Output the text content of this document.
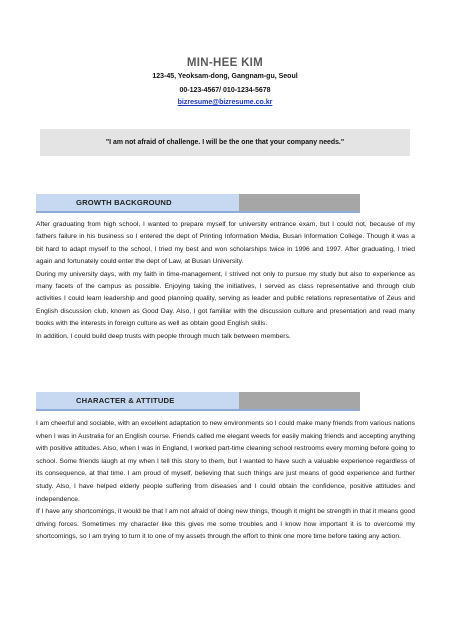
MIN-HEE KIM
123-45, Yeoksam-dong, Gangnam-gu, Seoul
00-123-4567/ 010-1234-5678
bizresume@bizresume.co.kr
"I am not afraid of challenge. I will be the one that your company needs."
GROWTH BACKGROUND

After graduating from high school, I wanted to prepare myself for university entrance exam, but I could not, because of my fathers failure in his business so I entered the dept of Printing Information Media, Busan Information College. Though it was a bit hard to adapt myself to the school, I tried my best and won scholarships twice in 1996 and 1997. After graduating, I tried again and fortunately could enter the dept of Law, at Busan University.

During my university days, with my faith in time-management, I strived not only to pursue my study but also to experience as many facets of the campus as possible. Enjoying taking the initiatives, I served as class representative and through club activities I could learn leadership and good planning quality, serving as leader and public relations representative of Zeus and English discussion club, known as Good Day. Also, I got familiar with the discussion culture and presentation and read many books with the interests in foreign culture as well as obtain good English skills.

In addition, I could build deep trusts with people through much talk between members.

CHARACTER & ATTITUDE

I am cheerful and sociable, with an excellent adaptation to new environments so I could make many friends from various nations when I was in Australia for an English course. Friends called me elegant weeds for easily making friends and accepting anything with positive attitudes. Also, when I was in England, I worked part-time cleaning school restrooms every morning before going to school. Some friends laugh at my when I tell this story to them, but I wanted to have such a valuable experience regardless of its consequence, at that time. I am proud of myself, believing that such things are just means of good experience and further study. Also, I have helped elderly people suffering from diseases and I could obtain the confidence, positive attitudes and independence.

If I have any shortcomings, it would be that I am not afraid of doing new things, though it might be strength in that it means good driving forces. Sometimes my character like this gives me some troubles and I know how important it is to overcome my shortcomings, so I am trying to turn it to one of my assets through the effort to think one more time before taking any action.
